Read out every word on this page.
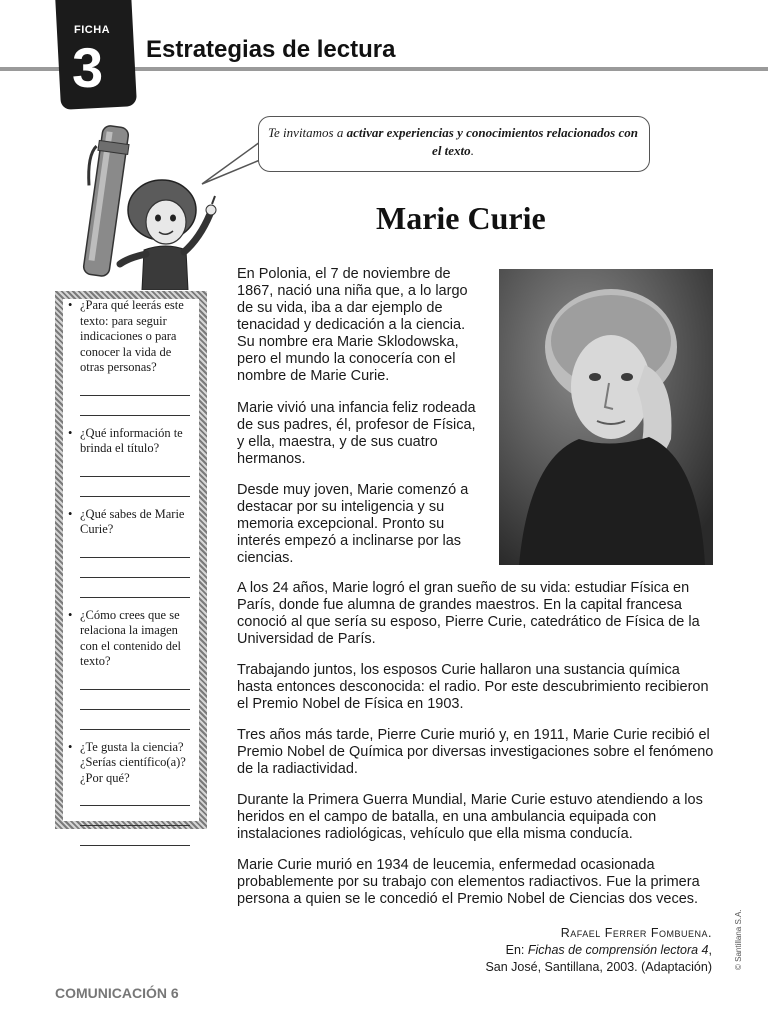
FICHA
3 Estrategias de lectura
Te invitamos a activar experiencias y conocimientos relacionados con el texto.
• ¿Para qué leerás este texto: para seguir indicaciones o para conocer la vida de otras personas?
• ¿Qué información te brinda el título?
• ¿Qué sabes de Marie Curie?
• ¿Cómo crees que se relaciona la imagen con el contenido del texto?
• ¿Te gusta la ciencia? ¿Serías científico(a)? ¿Por qué?
Marie Curie
En Polonia, el 7 de noviembre de 1867, nació una niña que, a lo largo de su vida, iba a dar ejemplo de tenacidad y dedicación a la ciencia. Su nombre era Marie Sklodowska, pero el mundo la conocería con el nombre de Marie Curie.
Marie vivió una infancia feliz rodeada de sus padres, él, profesor de Física, y ella, maestra, y de sus cuatro hermanos.
Desde muy joven, Marie comenzó a destacar por su inteligencia y su memoria excepcional. Pronto su interés empezó a inclinarse por las ciencias.
A los 24 años, Marie logró el gran sueño de su vida: estudiar Física en París, donde fue alumna de grandes maestros. En la capital francesa conoció al que sería su esposo, Pierre Curie, catedrático de Física de la Universidad de París.
Trabajando juntos, los esposos Curie hallaron una sustancia química hasta entonces desconocida: el radio. Por este descubrimiento recibieron el Premio Nobel de Física en 1903.
Tres años más tarde, Pierre Curie murió y, en 1911, Marie Curie recibió el Premio Nobel de Química por diversas investigaciones sobre el fenómeno de la radiactividad.
Durante la Primera Guerra Mundial, Marie Curie estuvo atendiendo a los heridos en el campo de batalla, en una ambulancia equipada con instalaciones radiológicas, vehículo que ella misma conducía.
Marie Curie murió en 1934 de leucemia, enfermedad ocasionada probablemente por su trabajo con elementos radiactivos. Fue la primera persona a quien se le concedió el Premio Nobel de Ciencias dos veces.
Rafael Ferrer Fombuena.
En: Fichas de comprensión lectora 4,
San José, Santillana, 2003. (Adaptación)
COMUNICACIÓN 6
© Santillana S.A.
